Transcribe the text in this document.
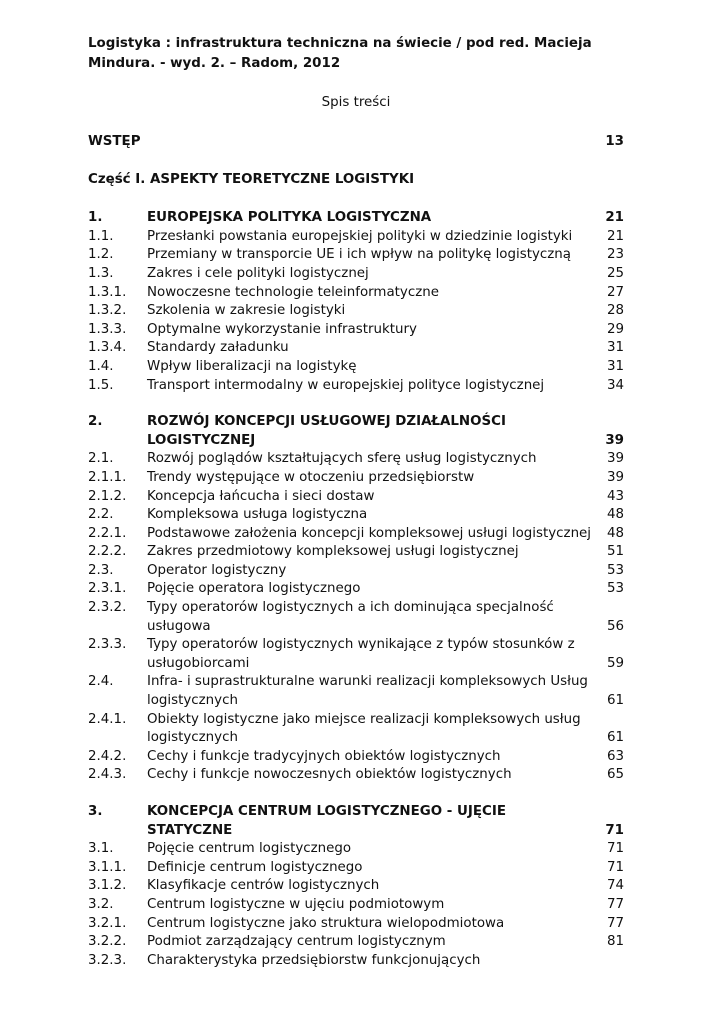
Logistyka : infrastruktura techniczna na świecie / pod red. Macieja Mindura. - wyd. 2. – Radom, 2012

Spis treści
WSTĘP	13
Część I. ASPEKTY TEORETYCZNE LOGISTYKI
1.	EUROPEJSKA POLITYKA LOGISTYCZNA	21
1.1.	Przesłanki powstania europejskiej polityki w dziedzinie logistyki	21
1.2.	Przemiany w transporcie UE i ich wpływ na politykę logistyczną	23
1.3.	Zakres i cele polityki logistycznej	25
1.3.1.	Nowoczesne technologie teleinformatyczne	27
1.3.2.	Szkolenia w zakresie logistyki	28
1.3.3.	Optymalne wykorzystanie infrastruktury	29
1.3.4.	Standardy załadunku	31
1.4.	Wpływ liberalizacji na logistykę	31
1.5.	Transport intermodalny w europejskiej polityce logistycznej	34
2.	ROZWÓJ KONCEPCJI USŁUGOWEJ DZIAŁALNOŚCI
LOGISTYCZNEJ	39
2.1.	Rozwój poglądów kształtujących sferę usług logistycznych	39
2.1.1.	Trendy występujące w otoczeniu przedsiębiorstw	39
2.1.2.	Koncepcja łańcucha i sieci dostaw	43
2.2.	Kompleksowa usługa logistyczna	48
2.2.1.	Podstawowe założenia koncepcji kompleksowej usługi logistycznej	48
2.2.2.	Zakres przedmiotowy kompleksowej usługi logistycznej	51
2.3.	Operator logistyczny	53
2.3.1.	Pojęcie operatora logistycznego	53
2.3.2.	Typy operatorów logistycznych a ich dominująca specjalność usługowa	56
2.3.3.	Typy operatorów logistycznych wynikające z typów stosunków z usługobiorcami	59
2.4.	Infra- i suprastrukturalne warunki realizacji kompleksowych Usług logistycznych	61
2.4.1.	Obiekty logistyczne jako miejsce realizacji kompleksowych usług logistycznych	61
2.4.2.	Cechy i funkcje tradycyjnych obiektów logistycznych	63
2.4.3.	Cechy i funkcje nowoczesnych obiektów logistycznych	65
3.	KONCEPCJA CENTRUM LOGISTYCZNEGO - UJĘCIE
STATYCZNE	71
3.1.	Pojęcie centrum logistycznego	71
3.1.1.	Definicje centrum logistycznego	71
3.1.2.	Klasyfikacje centrów logistycznych	74
3.2.	Centrum logistyczne w ujęciu podmiotowym	77
3.2.1.	Centrum logistyczne jako struktura wielopodmiotowa	77
3.2.2.	Podmiot zarządzający centrum logistycznym	81
3.2.3.	Charakterystyka przedsiębiorstw funkcjonujących
